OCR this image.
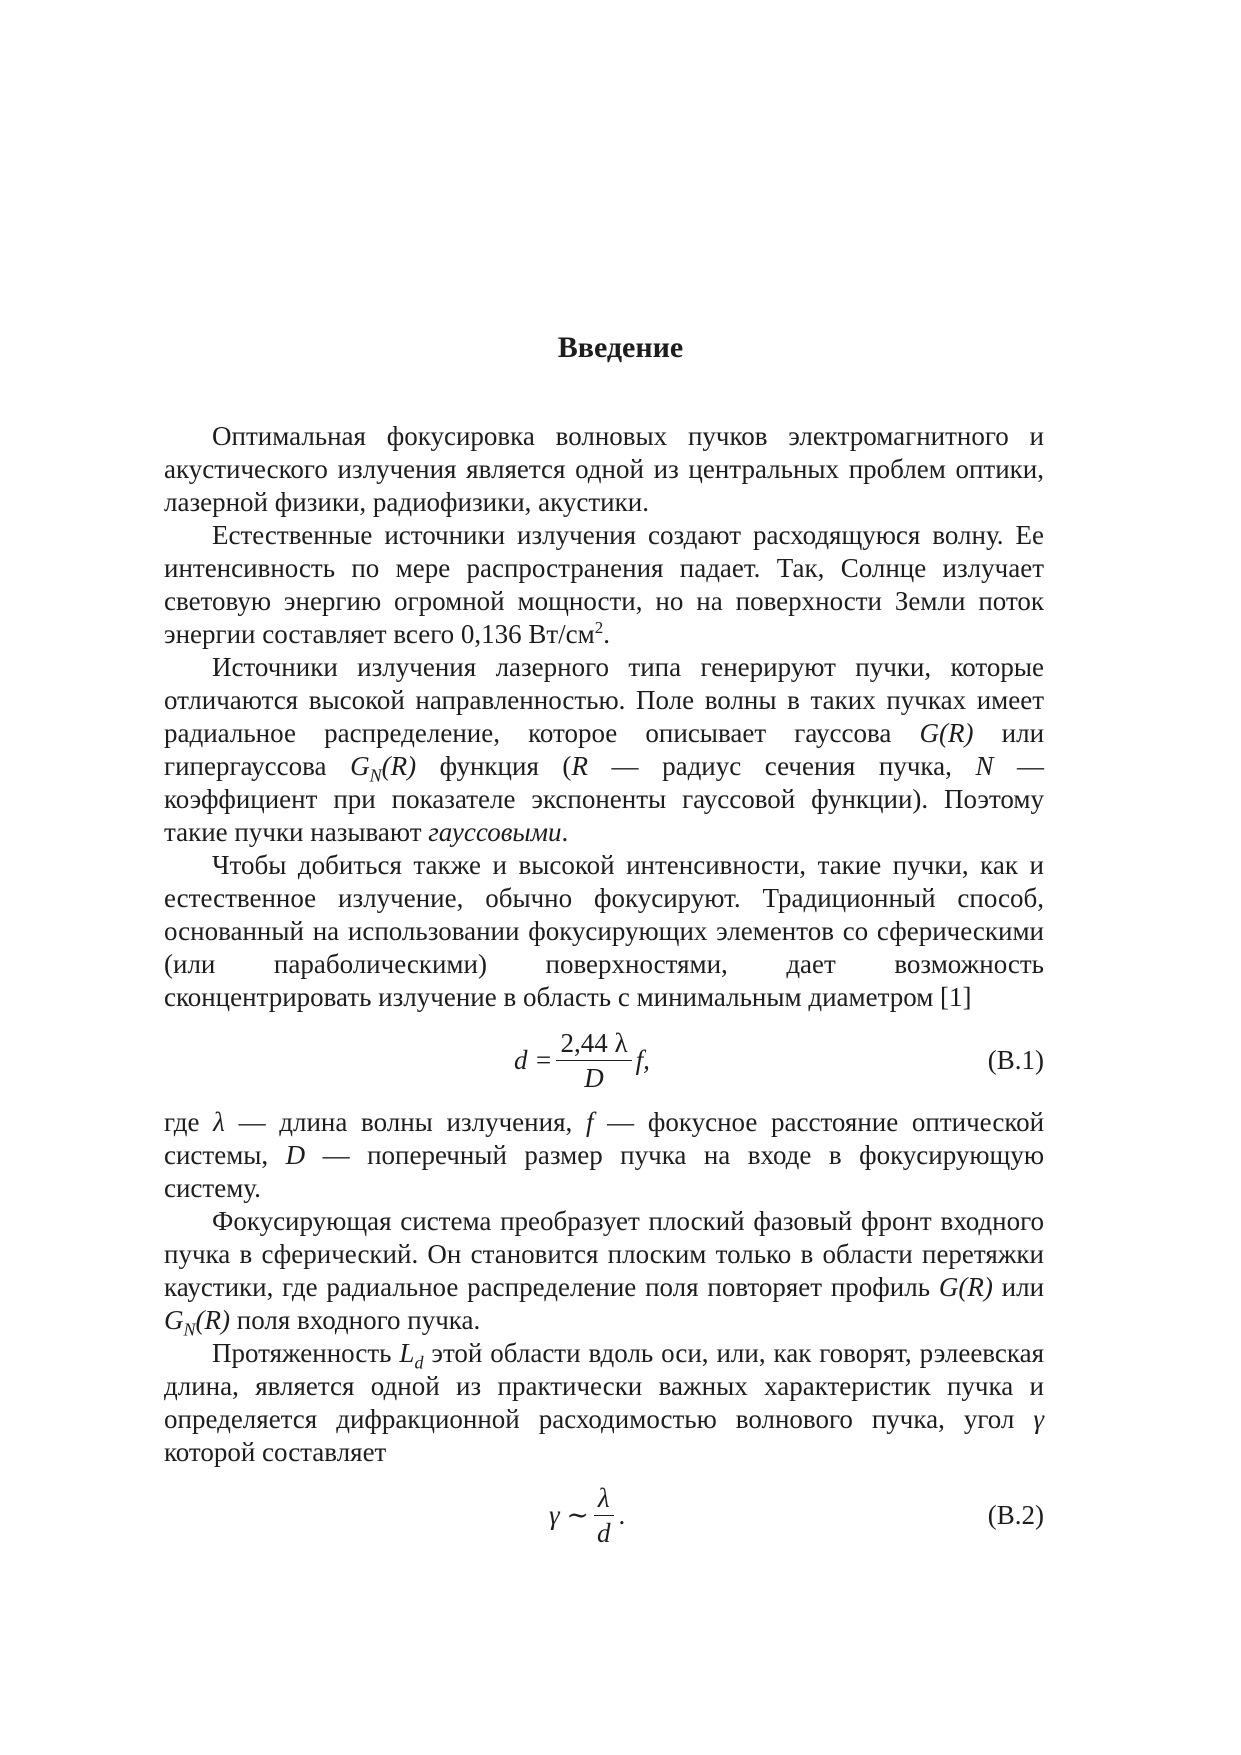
Введение

Оптимальная фокусировка волновых пучков электромагнитного и акустического излучения является одной из центральных проблем оптики, лазерной физики, радиофизики, акустики.

Естественные источники излучения создают расходящуюся волну. Ее интенсивность по мере распространения падает. Так, Солнце излучает световую энергию огромной мощности, но на поверхности Земли поток энергии составляет всего 0,136 $Вт/см^2$.

Источники излучения лазерного типа генерируют пучки, которые отличаются высокой направленностью. Поле волны в таких пучках имеет радиальное распределение, которое описывает гауссова G(R) или гипергауссова $G_N(R)$ функция (R — радиус сечения пучка, N — коэффициент при показателе экспоненты гауссовой функции). Поэтому такие пучки называют гауссовыми.

Чтобы добиться также и высокой интенсивности, такие пучки, как и естественное излучение, обычно фокусируют. Традиционный способ, основанный на использовании фокусирующих элементов со сферическими (или параболическими) поверхностями, дает возможность сконцентрировать излучение в область с минимальным диаметром [1]

$d = \frac{2,44 \lambda}{D} f$,	(В.1)

где λ — длина волны излучения, f — фокусное расстояние оптической системы, D — поперечный размер пучка на входе в фокусирующую систему.

Фокусирующая система преобразует плоский фазовый фронт входного пучка в сферический. Он становится плоским только в области перетяжки каустики, где радиальное распределение поля повторяет профиль G(R) или $G_N(R)$ поля входного пучка.

Протяженность $L_d$ этой области вдоль оси, или, как говорят, рэлеевская длина, является одной из практически важных характеристик пучка и определяется дифракционной расходимостью волнового пучка, угол γ которой составляет

γ ∼ $\frac{\lambda}{d}$ .	(В.2)
